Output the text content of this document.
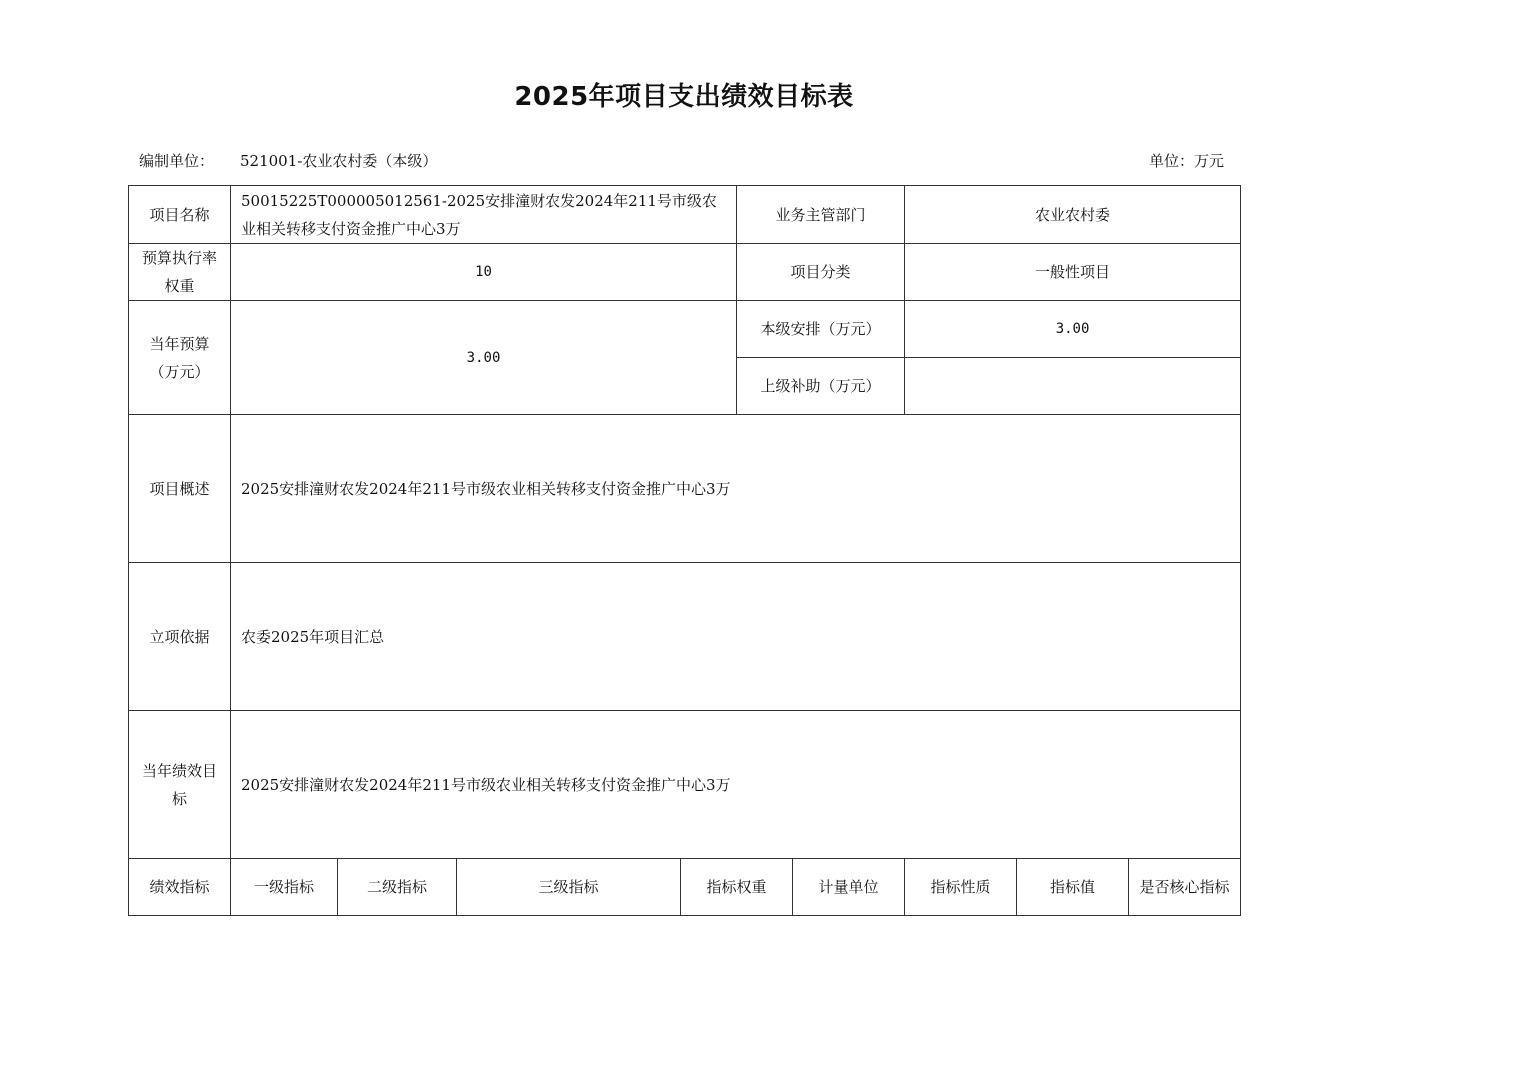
2025年项目支出绩效目标表
编制单位： 521001-农业农村委（本级）	单位：万元
项目名称	50015225T000005012561-2025安排潼财农发2024年211号市级农业相关转移支付资金推广中心3万				业务主管部门		农业农村委		
预算执行率权重	10				项目分类		一般性项目		
当年预算（万元）	3.00				本级安排（万元）		3.00		
					上级补助（万元）				
项目概述	2025安排潼财农发2024年211号市级农业相关转移支付资金推广中心3万								
立项依据	农委2025年项目汇总								
当年绩效目标	2025安排潼财农发2024年211号市级农业相关转移支付资金推广中心3万								
绩效指标	一级指标	二级指标	三级指标	指标权重		计量单位	指标性质	指标值	是否核心指标
